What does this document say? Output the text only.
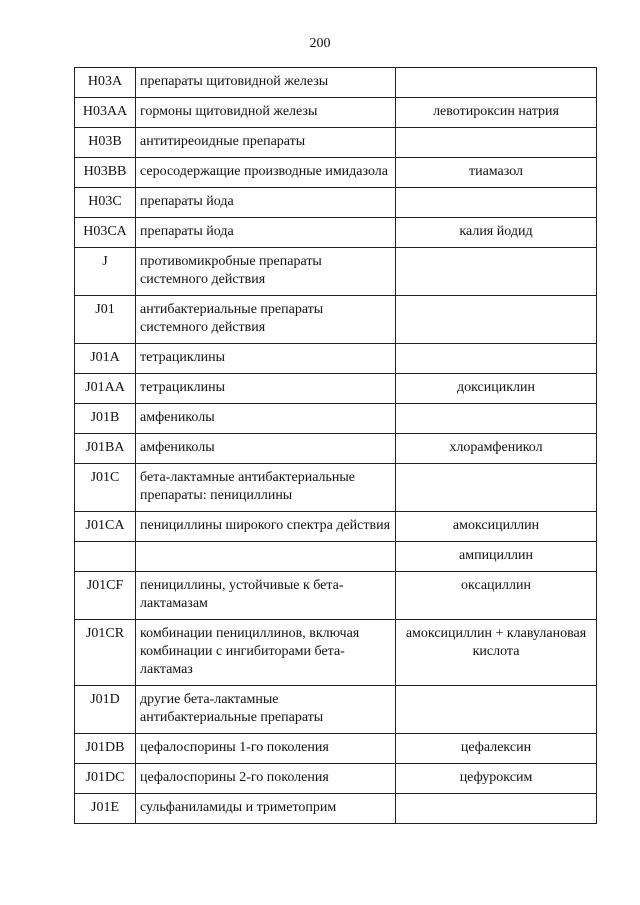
200
H03A	препараты щитовидной железы	
H03AA	гормоны щитовидной железы	левотироксин натрия
H03B	антитиреоидные препараты	
H03BB	серосодержащие производные имидазола	тиамазол
H03C	препараты йода	
H03CA	препараты йода	калия йодид
J	противомикробные препараты системного действия	
J01	антибактериальные препараты системного действия	
J01A	тетрациклины	
J01AA	тетрациклины	доксициклин
J01B	амфениколы	
J01BA	амфениколы	хлорамфеникол
J01C	бета-лактамные антибактериальные препараты: пенициллины	
J01CA	пенициллины широкого спектра действия	амоксициллин
		ампициллин
J01CF	пенициллины, устойчивые к бета-лактамазам	оксациллин
J01CR	комбинации пенициллинов, включая комбинации с ингибиторами бета-лактамаз	амоксициллин + клавулановая кислота
J01D	другие бета-лактамные антибактериальные препараты	
J01DB	цефалоспорины 1-го поколения	цефалексин
J01DC	цефалоспорины 2-го поколения	цефуроксим
J01E	сульфаниламиды и триметоприм	
